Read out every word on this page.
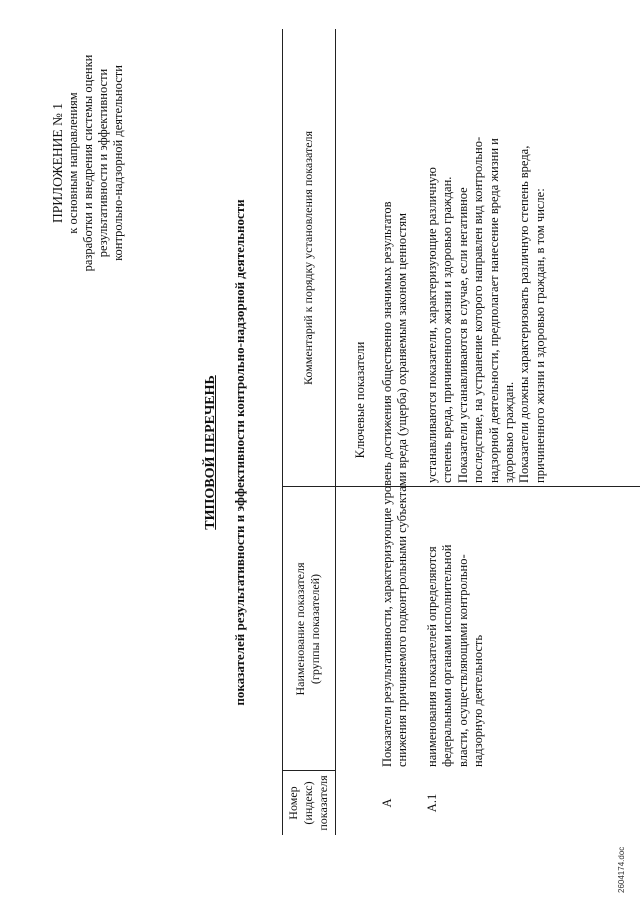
2604174.doc
ПРИЛОЖЕНИЕ № 1 к основным направлениям разработки и внедрения системы оценки результативности и эффективности контрольно-надзорной деятельности
ТИПОВОЙ ПЕРЕЧЕНЬ показателей результативности и эффективности контрольно-надзорной деятельности
Номер (индекс) показателя
Наименование показателя (группы показателей)
Комментарий к порядку установления показателя
Ключевые показатели
А
Показатели результативности, характеризующие уровень достижения общественно значимых результатов снижения причиняемого подконтрольными субъектами вреда (ущерба) охраняемым законом ценностям
А.1
наименования показателей определяются федеральными органами исполнительной власти, осуществляющими контрольно- надзорную деятельность
устанавливаются показатели, характеризующие различную степень вреда, причиненного жизни и здоровью граждан. Показатели устанавливаются в случае, если негативное последствие, на устранение которого направлен вид контрольно- надзорной деятельности, предполагает нанесение вреда жизни и здоровью граждан. Показатели должны характеризовать различную степень вреда, причиненного жизни и здоровью граждан, в том числе:
